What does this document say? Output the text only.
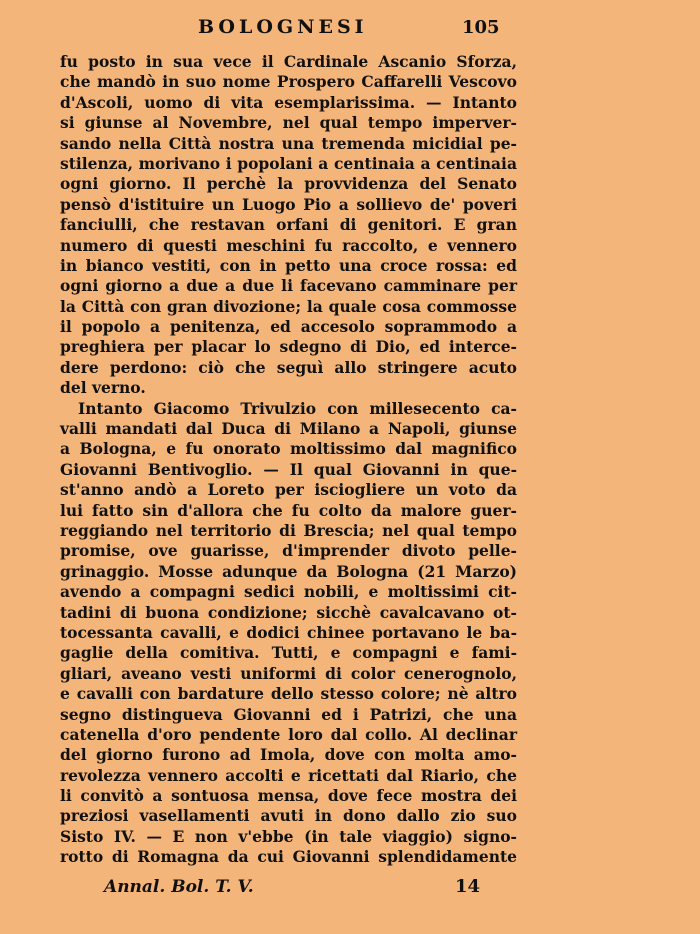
BOLOGNESI	105
fu posto in sua vece il Cardinale Ascanio Sforza,
che mandò in suo nome Prospero Caffarelli Vescovo
d'Ascoli, uomo di vita esemplarissima. — Intanto
si giunse al Novembre, nel qual tempo imperver-
sando nella Città nostra una tremenda micidial pe-
stilenza, morivano i popolani a centinaia a centinaia
ogni giorno. Il perchè la provvidenza del Senato
pensò d'istituire un Luogo Pio a sollievo de' poveri
fanciulli, che restavan orfani di genitori. E gran
numero di questi meschini fu raccolto, e vennero
in bianco vestiti, con in petto una croce rossa: ed
ogni giorno a due a due li facevano camminare per
la Città con gran divozione; la quale cosa commosse
il popolo a penitenza, ed accesolo soprammodo a
preghiera per placar lo sdegno di Dio, ed interce-
dere perdono: ciò che seguì allo stringere acuto
del verno.
Intanto Giacomo Trivulzio con millesecento ca-
valli mandati dal Duca di Milano a Napoli, giunse
a Bologna, e fu onorato moltissimo dal magnifico
Giovanni Bentivoglio. — Il qual Giovanni in que-
st'anno andò a Loreto per isciogliere un voto da
lui fatto sin d'allora che fu colto da malore guer-
reggiando nel territorio di Brescia; nel qual tempo
promise, ove guarisse, d'imprender divoto pelle-
grinaggio. Mosse adunque da Bologna (21 Marzo)
avendo a compagni sedici nobili, e moltissimi cit-
tadini di buona condizione; sicchè cavalcavano ot-
tocessanta cavalli, e dodici chinee portavano le ba-
gaglie della comitiva. Tutti, e compagni e fami-
gliari, aveano vesti uniformi di color cenerognolo,
e cavalli con bardature dello stesso colore; nè altro
segno distingueva Giovanni ed i Patrizi, che una
catenella d'oro pendente loro dal collo. Al declinar
del giorno furono ad Imola, dove con molta amo-
revolezza vennero accolti e ricettati dal Riario, che
li convitò a sontuosa mensa, dove fece mostra dei
preziosi vasellamenti avuti in dono dallo zio suo
Sisto IV. — E non v'ebbe (in tale viaggio) signo-
rotto di Romagna da cui Giovanni splendidamente
Annal. Bol. T. V.	14
